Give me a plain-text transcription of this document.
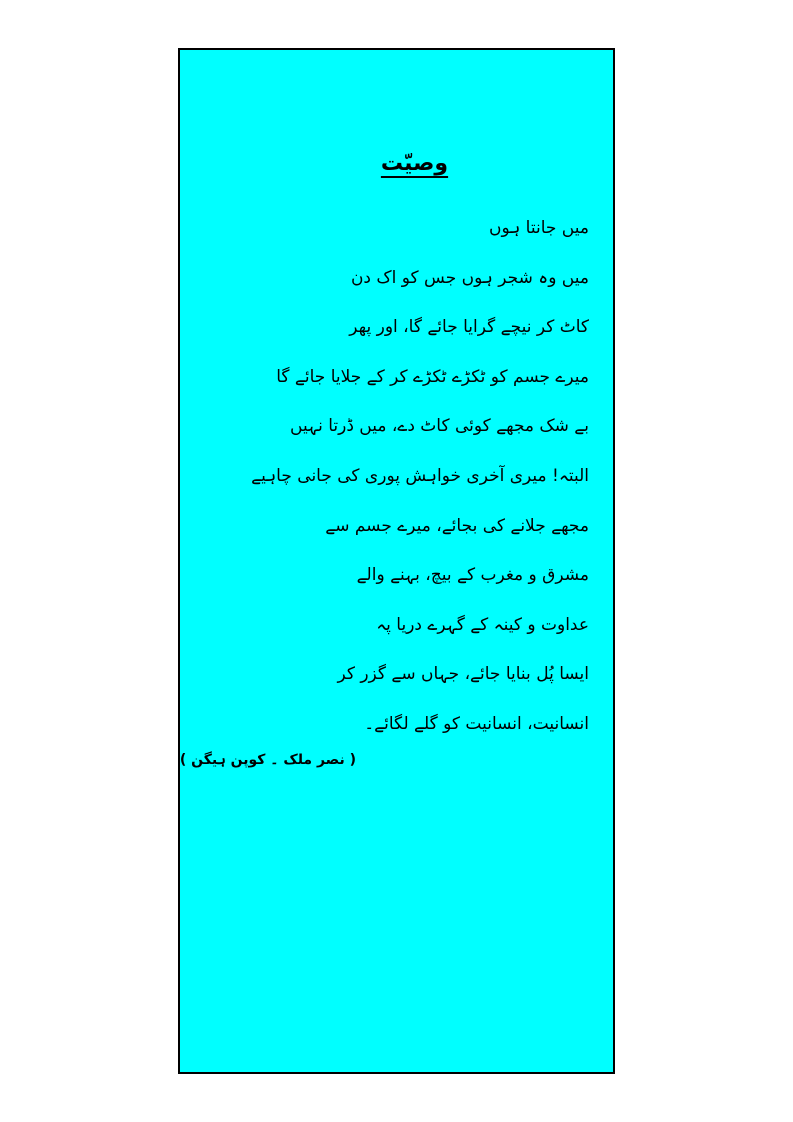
وصیّت
میں جانتا ہوں
میں وہ شجر ہوں جس کو اک دن
کاٹ کر نیچے گرایا جائے گا، اور پھر
میرے جسم کو ٹکڑے ٹکڑے کر کے جلایا جائے گا
بے شک مجھے کوئی کاٹ دے، میں ڈرتا نہیں
البتہ! میری آخری خواہش پوری کی جانی چاہیے
مجھے جلانے کی بجائے، میرے جسم سے
مشرق و مغرب کے بیچ، بہنے والے
عداوت و کینہ کے گہرے دریا پہ
ایسا پُل بنایا جائے، جہاں سے گزر کر
انسانیت، انسانیت کو گلے لگائے۔

( نصر ملک ۔ کوپن ہیگن )
